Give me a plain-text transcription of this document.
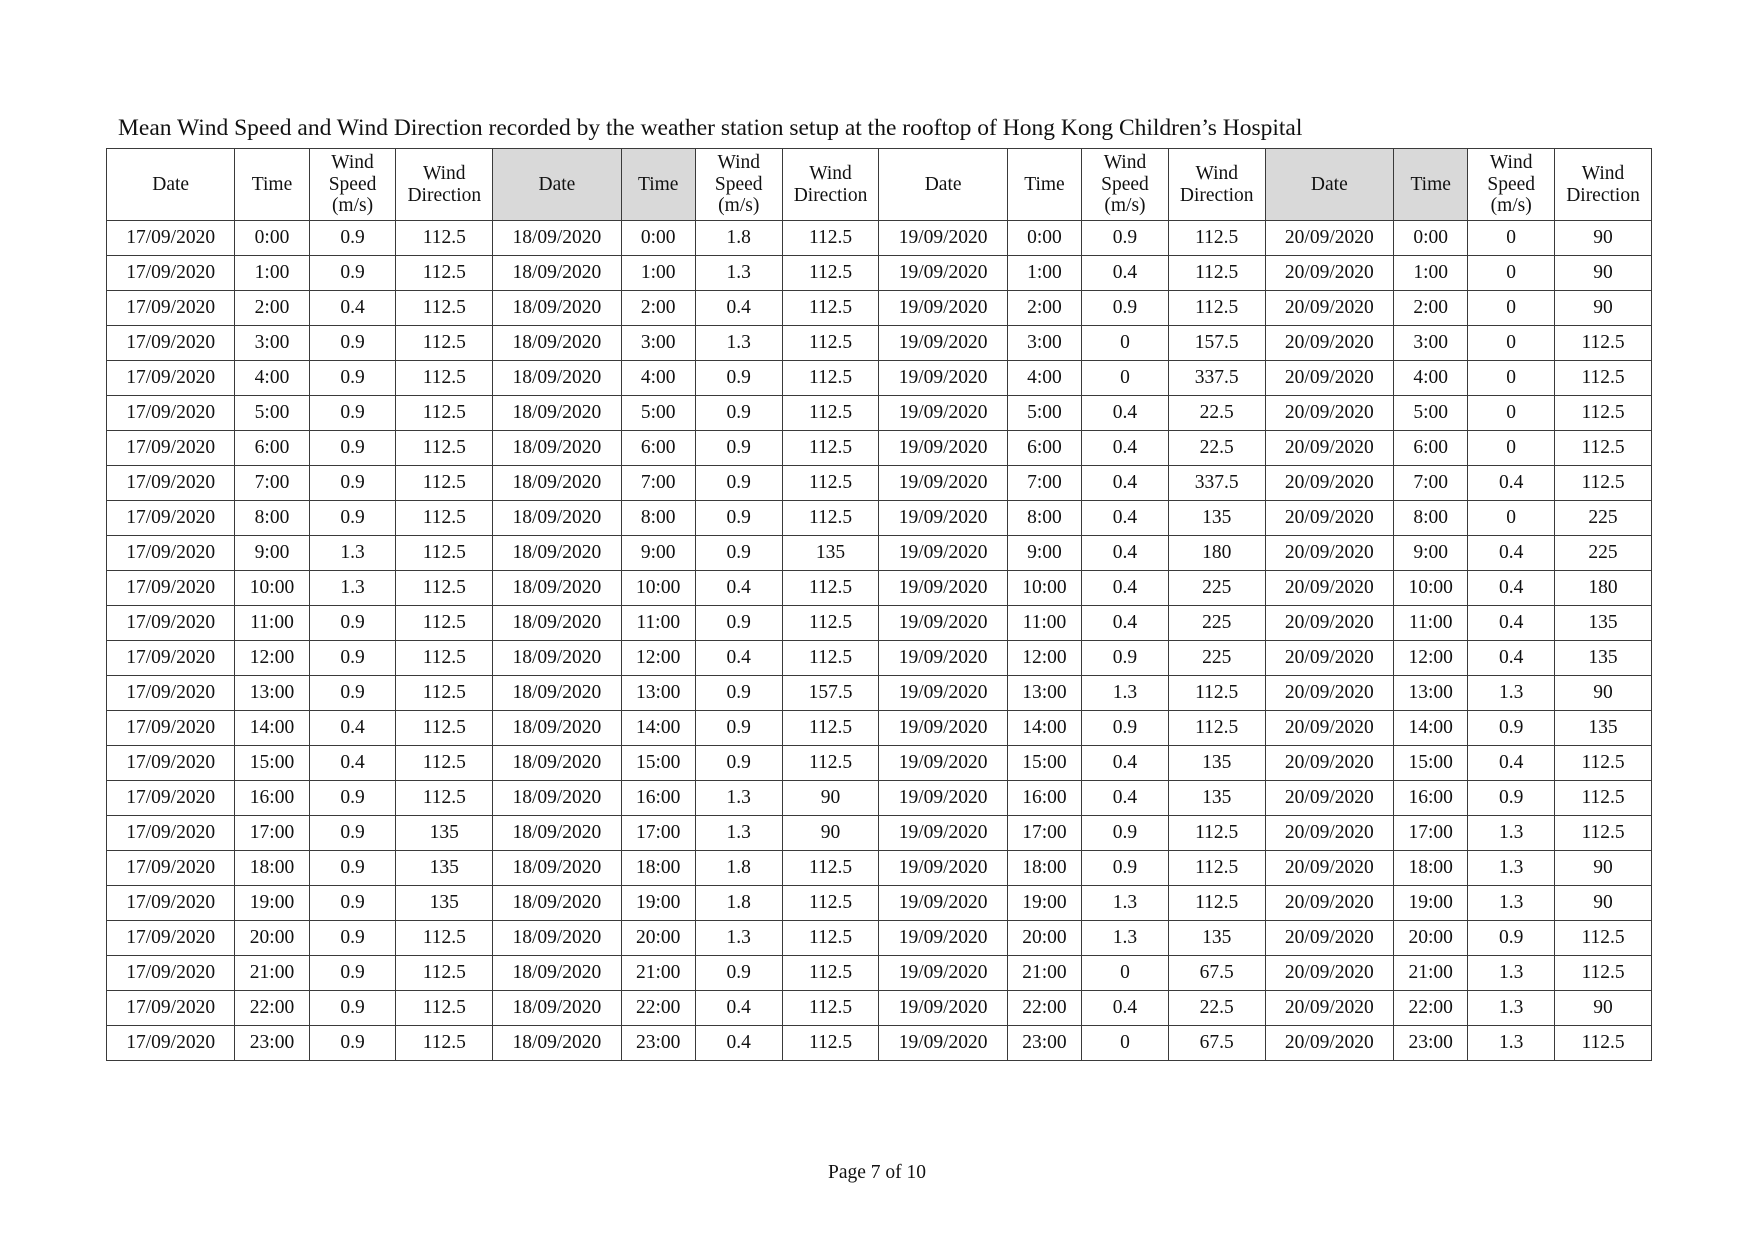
Mean Wind Speed and Wind Direction recorded by the weather station setup at the rooftop of Hong Kong Children’s Hospital
Date	Time	Wind
Speed
(m/s)	Wind
Direction	Date	Time	Wind
Speed
(m/s)	Wind
Direction	Date	Time	Wind
Speed
(m/s)	Wind
Direction	Date	Time	Wind
Speed
(m/s)	Wind
Direction
17/09/2020	0:00	0.9	112.5	18/09/2020	0:00	1.8	112.5	19/09/2020	0:00	0.9	112.5	20/09/2020	0:00	0	90
17/09/2020	1:00	0.9	112.5	18/09/2020	1:00	1.3	112.5	19/09/2020	1:00	0.4	112.5	20/09/2020	1:00	0	90
17/09/2020	2:00	0.4	112.5	18/09/2020	2:00	0.4	112.5	19/09/2020	2:00	0.9	112.5	20/09/2020	2:00	0	90
17/09/2020	3:00	0.9	112.5	18/09/2020	3:00	1.3	112.5	19/09/2020	3:00	0	157.5	20/09/2020	3:00	0	112.5
17/09/2020	4:00	0.9	112.5	18/09/2020	4:00	0.9	112.5	19/09/2020	4:00	0	337.5	20/09/2020	4:00	0	112.5
17/09/2020	5:00	0.9	112.5	18/09/2020	5:00	0.9	112.5	19/09/2020	5:00	0.4	22.5	20/09/2020	5:00	0	112.5
17/09/2020	6:00	0.9	112.5	18/09/2020	6:00	0.9	112.5	19/09/2020	6:00	0.4	22.5	20/09/2020	6:00	0	112.5
17/09/2020	7:00	0.9	112.5	18/09/2020	7:00	0.9	112.5	19/09/2020	7:00	0.4	337.5	20/09/2020	7:00	0.4	112.5
17/09/2020	8:00	0.9	112.5	18/09/2020	8:00	0.9	112.5	19/09/2020	8:00	0.4	135	20/09/2020	8:00	0	225
17/09/2020	9:00	1.3	112.5	18/09/2020	9:00	0.9	135	19/09/2020	9:00	0.4	180	20/09/2020	9:00	0.4	225
17/09/2020	10:00	1.3	112.5	18/09/2020	10:00	0.4	112.5	19/09/2020	10:00	0.4	225	20/09/2020	10:00	0.4	180
17/09/2020	11:00	0.9	112.5	18/09/2020	11:00	0.9	112.5	19/09/2020	11:00	0.4	225	20/09/2020	11:00	0.4	135
17/09/2020	12:00	0.9	112.5	18/09/2020	12:00	0.4	112.5	19/09/2020	12:00	0.9	225	20/09/2020	12:00	0.4	135
17/09/2020	13:00	0.9	112.5	18/09/2020	13:00	0.9	157.5	19/09/2020	13:00	1.3	112.5	20/09/2020	13:00	1.3	90
17/09/2020	14:00	0.4	112.5	18/09/2020	14:00	0.9	112.5	19/09/2020	14:00	0.9	112.5	20/09/2020	14:00	0.9	135
17/09/2020	15:00	0.4	112.5	18/09/2020	15:00	0.9	112.5	19/09/2020	15:00	0.4	135	20/09/2020	15:00	0.4	112.5
17/09/2020	16:00	0.9	112.5	18/09/2020	16:00	1.3	90	19/09/2020	16:00	0.4	135	20/09/2020	16:00	0.9	112.5
17/09/2020	17:00	0.9	135	18/09/2020	17:00	1.3	90	19/09/2020	17:00	0.9	112.5	20/09/2020	17:00	1.3	112.5
17/09/2020	18:00	0.9	135	18/09/2020	18:00	1.8	112.5	19/09/2020	18:00	0.9	112.5	20/09/2020	18:00	1.3	90
17/09/2020	19:00	0.9	135	18/09/2020	19:00	1.8	112.5	19/09/2020	19:00	1.3	112.5	20/09/2020	19:00	1.3	90
17/09/2020	20:00	0.9	112.5	18/09/2020	20:00	1.3	112.5	19/09/2020	20:00	1.3	135	20/09/2020	20:00	0.9	112.5
17/09/2020	21:00	0.9	112.5	18/09/2020	21:00	0.9	112.5	19/09/2020	21:00	0	67.5	20/09/2020	21:00	1.3	112.5
17/09/2020	22:00	0.9	112.5	18/09/2020	22:00	0.4	112.5	19/09/2020	22:00	0.4	22.5	20/09/2020	22:00	1.3	90
17/09/2020	23:00	0.9	112.5	18/09/2020	23:00	0.4	112.5	19/09/2020	23:00	0	67.5	20/09/2020	23:00	1.3	112.5
Page 7 of 10
